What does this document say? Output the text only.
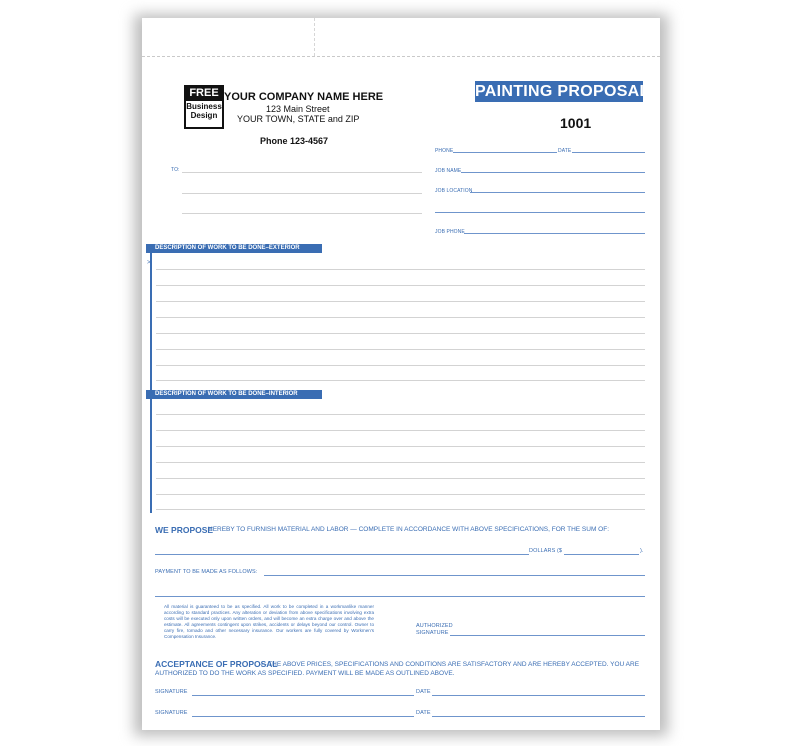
FREE
Business
Design
YOUR COMPANY NAME HERE
123 Main Street
YOUR TOWN, STATE and ZIP
Phone 123-4567
PAINTING PROPOSAL
1001
PHONE	DATE
JOB NAME
JOB LOCATION
JOB PHONE
TO:
DESCRIPTION OF WORK TO BE DONE–EXTERIOR
>
DESCRIPTION OF WORK TO BE DONE–INTERIOR
WE PROPOSE
HEREBY TO FURNISH MATERIAL AND LABOR — COMPLETE IN ACCORDANCE WITH ABOVE SPECIFICATIONS, FOR THE SUM OF:
DOLLARS ($	).
PAYMENT TO BE MADE AS FOLLOWS:
All material is guaranteed to be as specified. All work to be completed in a workmanlike manner according to standard practices. Any alteration or deviation from above specifications involving extra costs will be executed only upon written orders, and will become an extra charge over and above the estimate. All agreements contingent upon strikes, accidents or delays beyond our control. Owner to carry fire, tornado and other necessary insurance. Our workers are fully covered by Workmen's Compensation Insurance.
AUTHORIZED
SIGNATURE
ACCEPTANCE OF PROPOSAL
— THE ABOVE PRICES, SPECIFICATIONS AND CONDITIONS ARE SATISFACTORY AND ARE HEREBY ACCEPTED. YOU ARE
AUTHORIZED TO DO THE WORK AS SPECIFIED. PAYMENT WILL BE MADE AS OUTLINED ABOVE.
SIGNATURE	DATE
SIGNATURE	DATE
